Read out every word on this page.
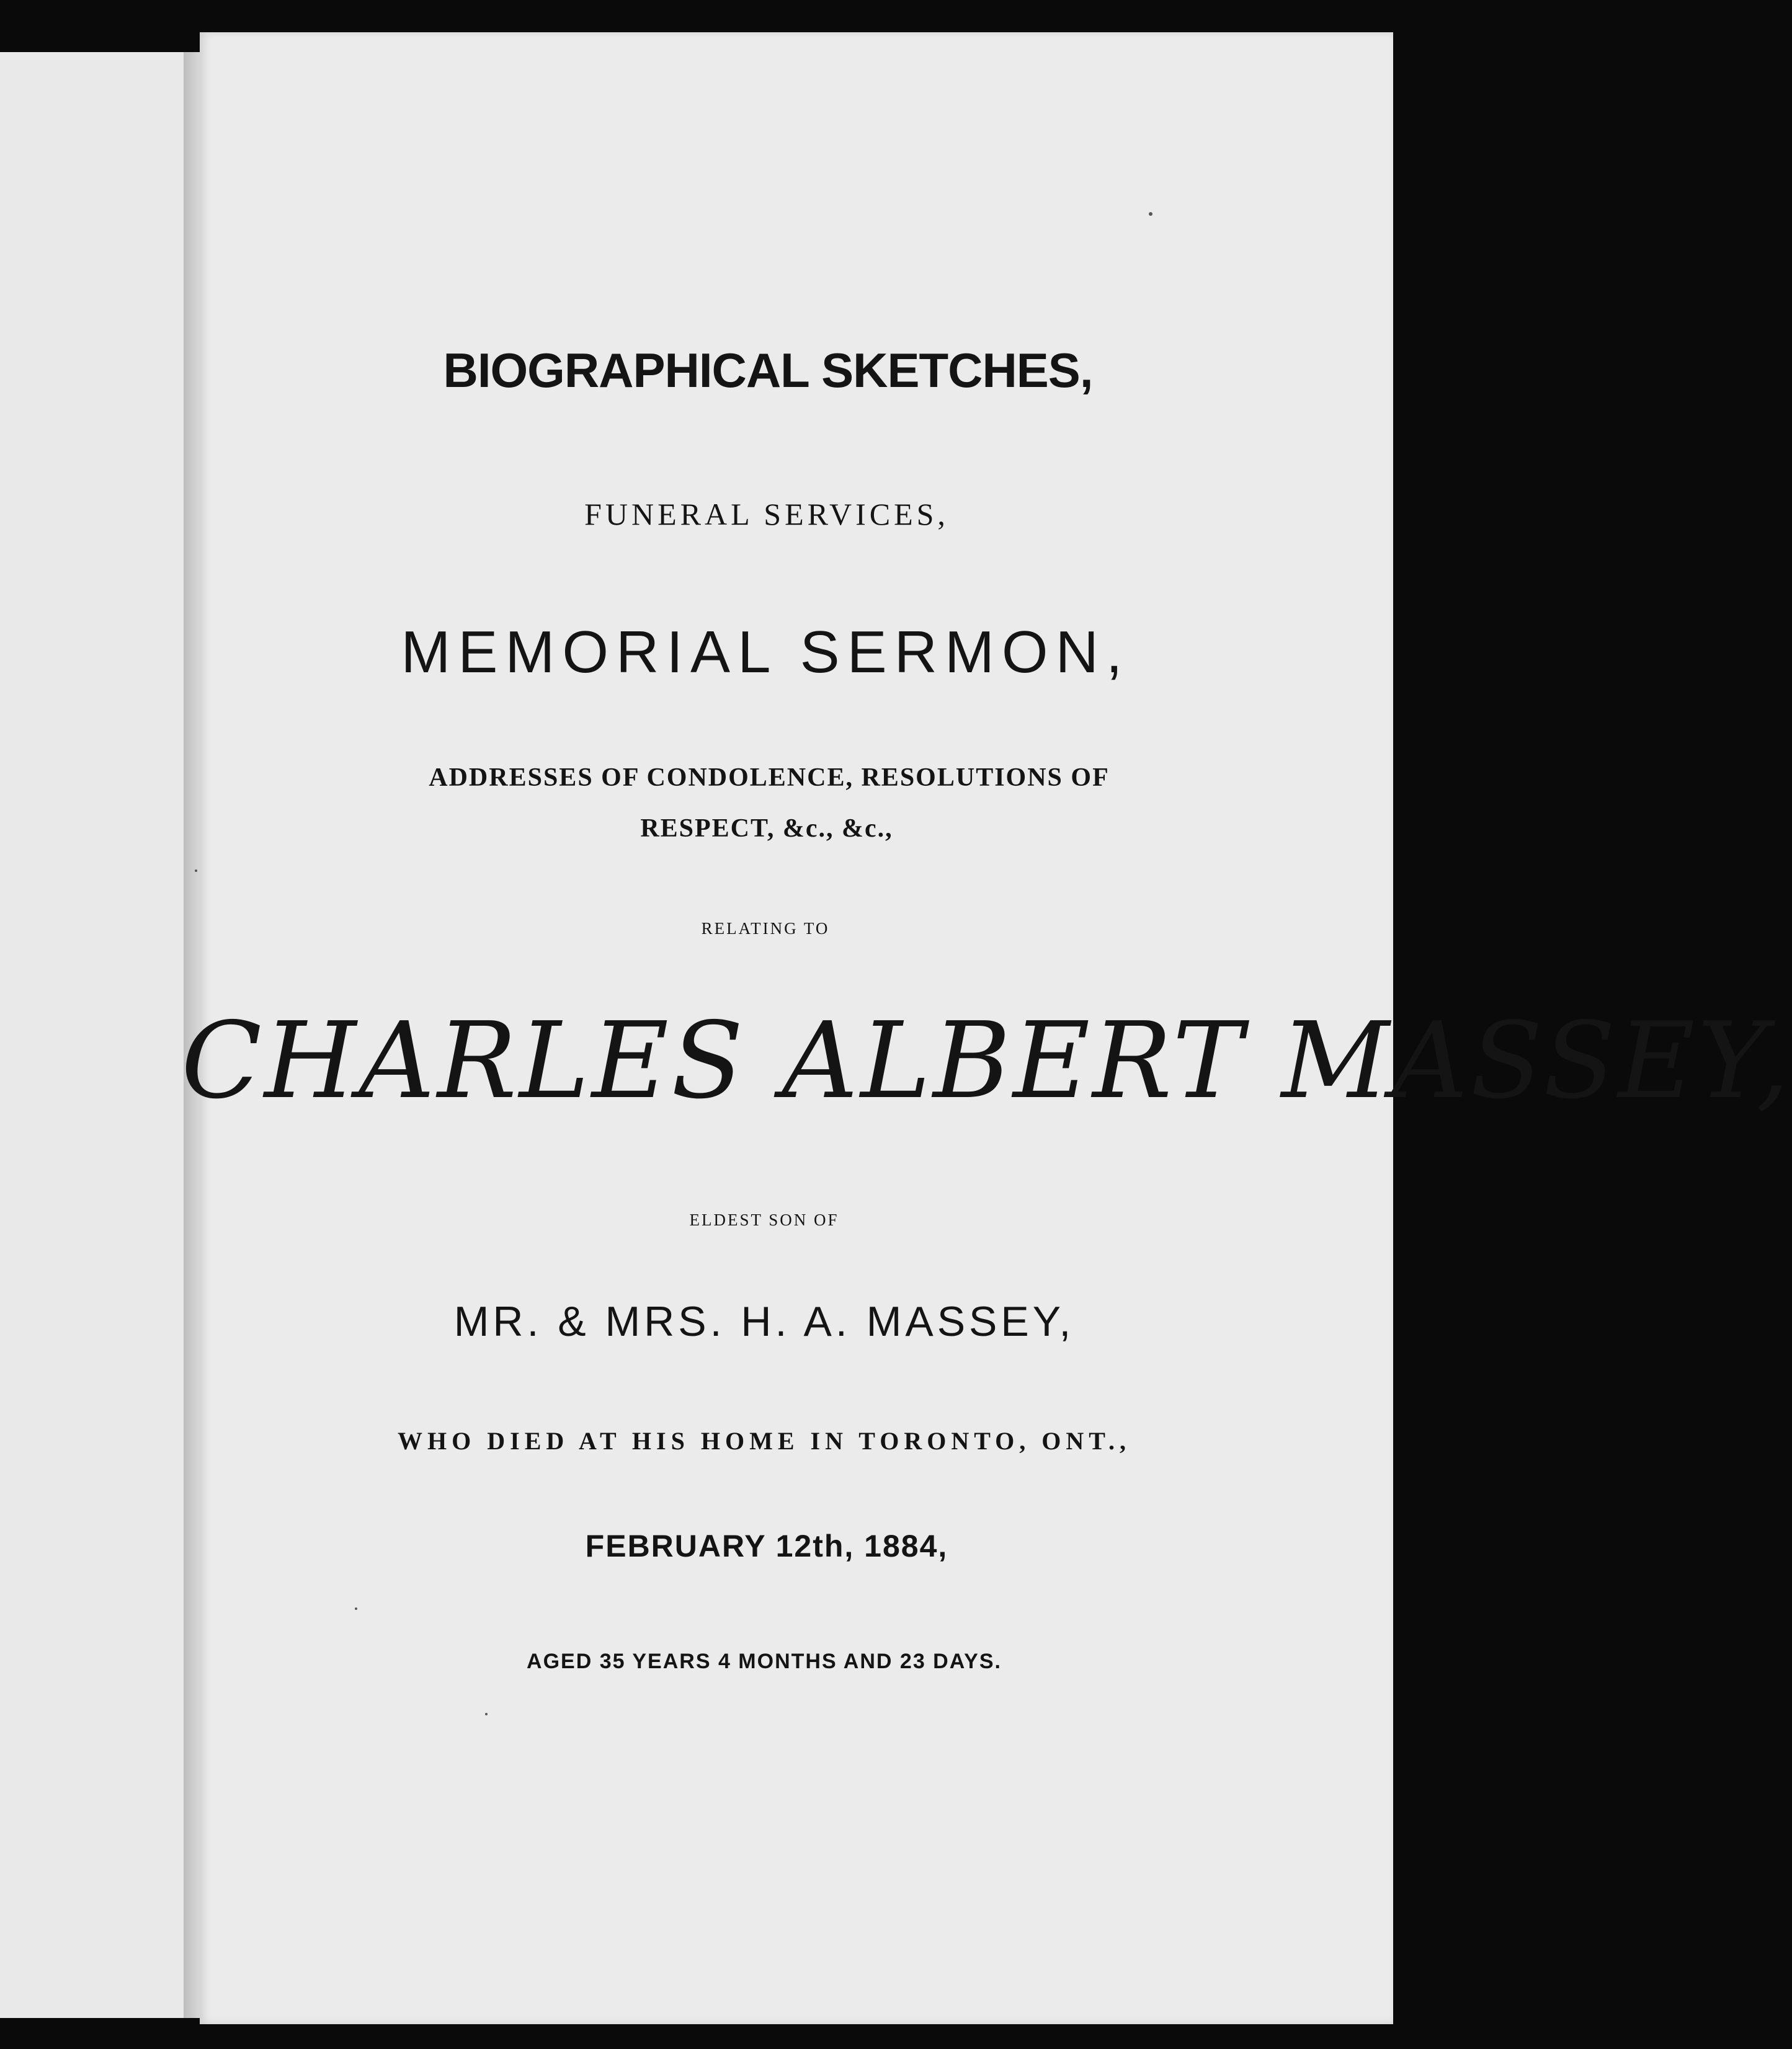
BIOGRAPHICAL SKETCHES,
FUNERAL SERVICES,
MEMORIAL SERMON,
ADDRESSES OF CONDOLENCE, RESOLUTIONS OF
RESPECT, &c., &c.,
RELATING TO
CHARLES ALBERT MASSEY,
ELDEST SON OF
MR. & MRS. H. A. MASSEY,
WHO DIED AT HIS HOME IN TORONTO, ONT.,
FEBRUARY 12th, 1884,
AGED 35 YEARS 4 MONTHS AND 23 DAYS.
